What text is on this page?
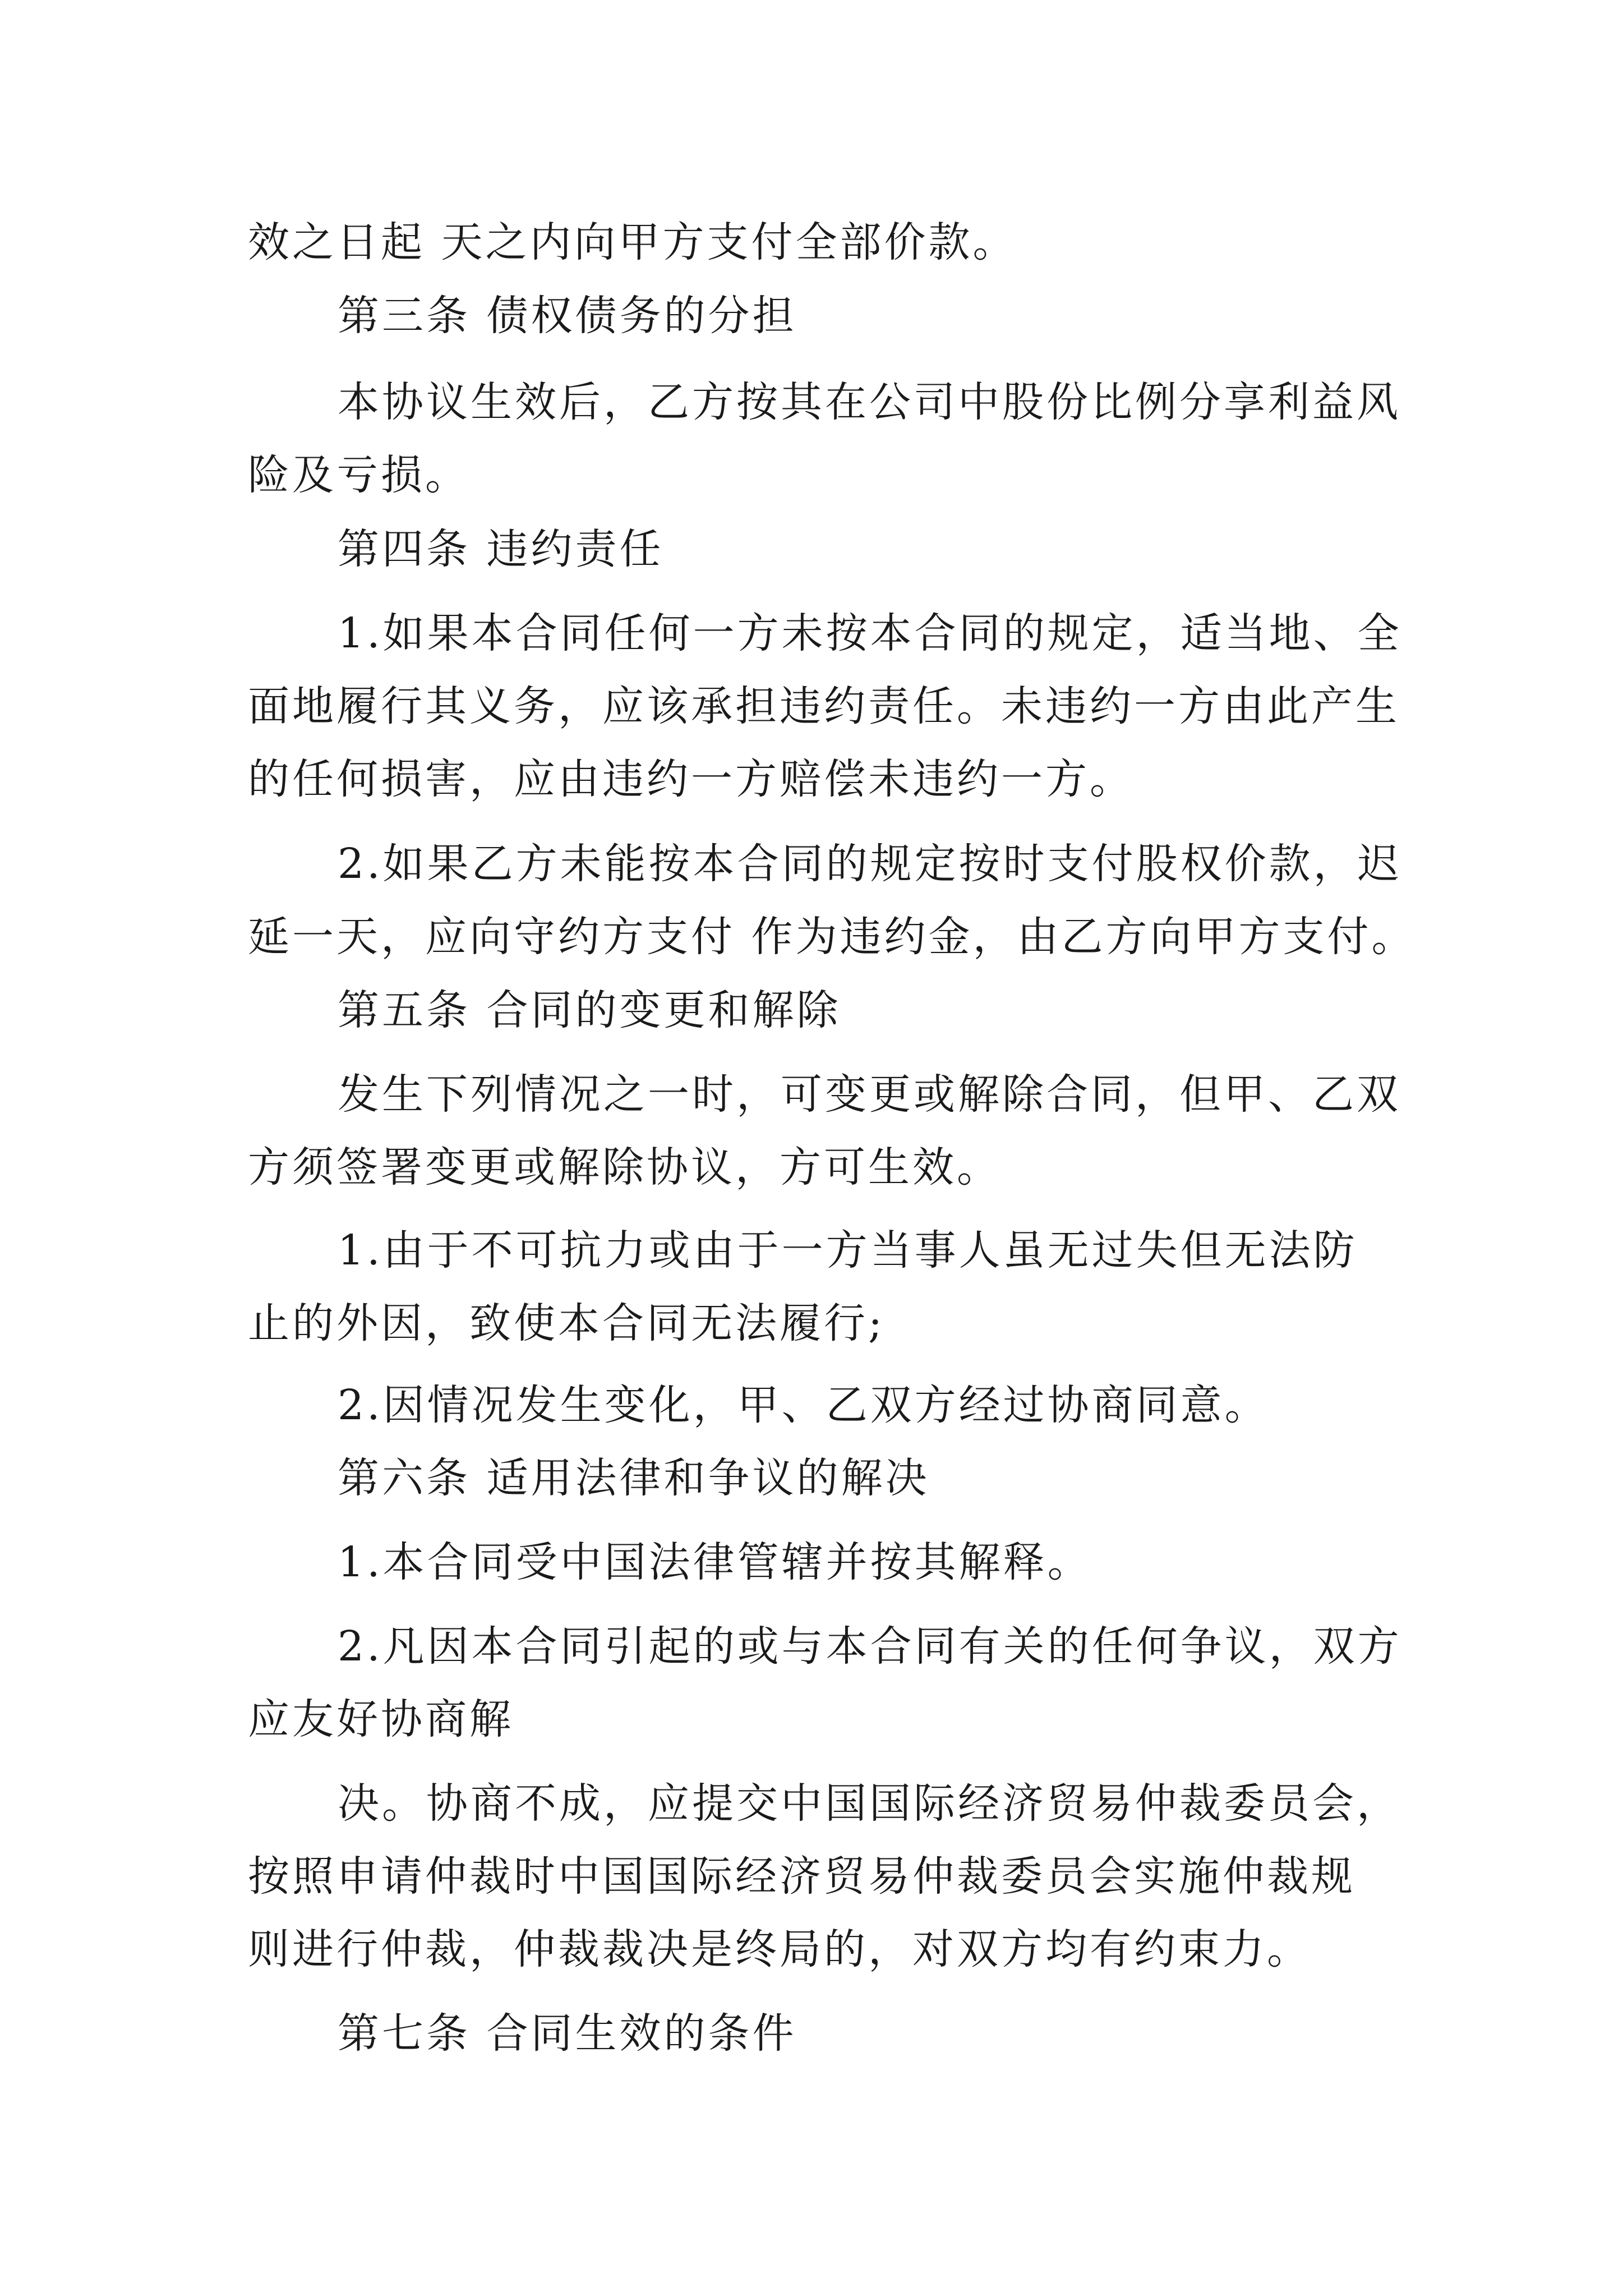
效之日起 天之内向甲方支付全部价款。

第三条 债权债务的分担

本协议生效后，乙方按其在公司中股份比例分享利益风

险及亏损。

第四条 违约责任

1.如果本合同任何一方未按本合同的规定，适当地、全

面地履行其义务，应该承担违约责任。未违约一方由此产生

的任何损害，应由违约一方赔偿未违约一方。

2.如果乙方未能按本合同的规定按时支付股权价款，迟

延一天，应向守约方支付 作为违约金，由乙方向甲方支付。

第五条 合同的变更和解除

发生下列情况之一时，可变更或解除合同，但甲、乙双

方须签署变更或解除协议，方可生效。

1.由于不可抗力或由于一方当事人虽无过失但无法防

止的外因，致使本合同无法履行;

2.因情况发生变化，甲、乙双方经过协商同意。

第六条 适用法律和争议的解决

1.本合同受中国法律管辖并按其解释。

2.凡因本合同引起的或与本合同有关的任何争议，双方

应友好协商解

决。协商不成，应提交中国国际经济贸易仲裁委员会，

按照申请仲裁时中国国际经济贸易仲裁委员会实施仲裁规

则进行仲裁，仲裁裁决是终局的，对双方均有约束力。

第七条 合同生效的条件
